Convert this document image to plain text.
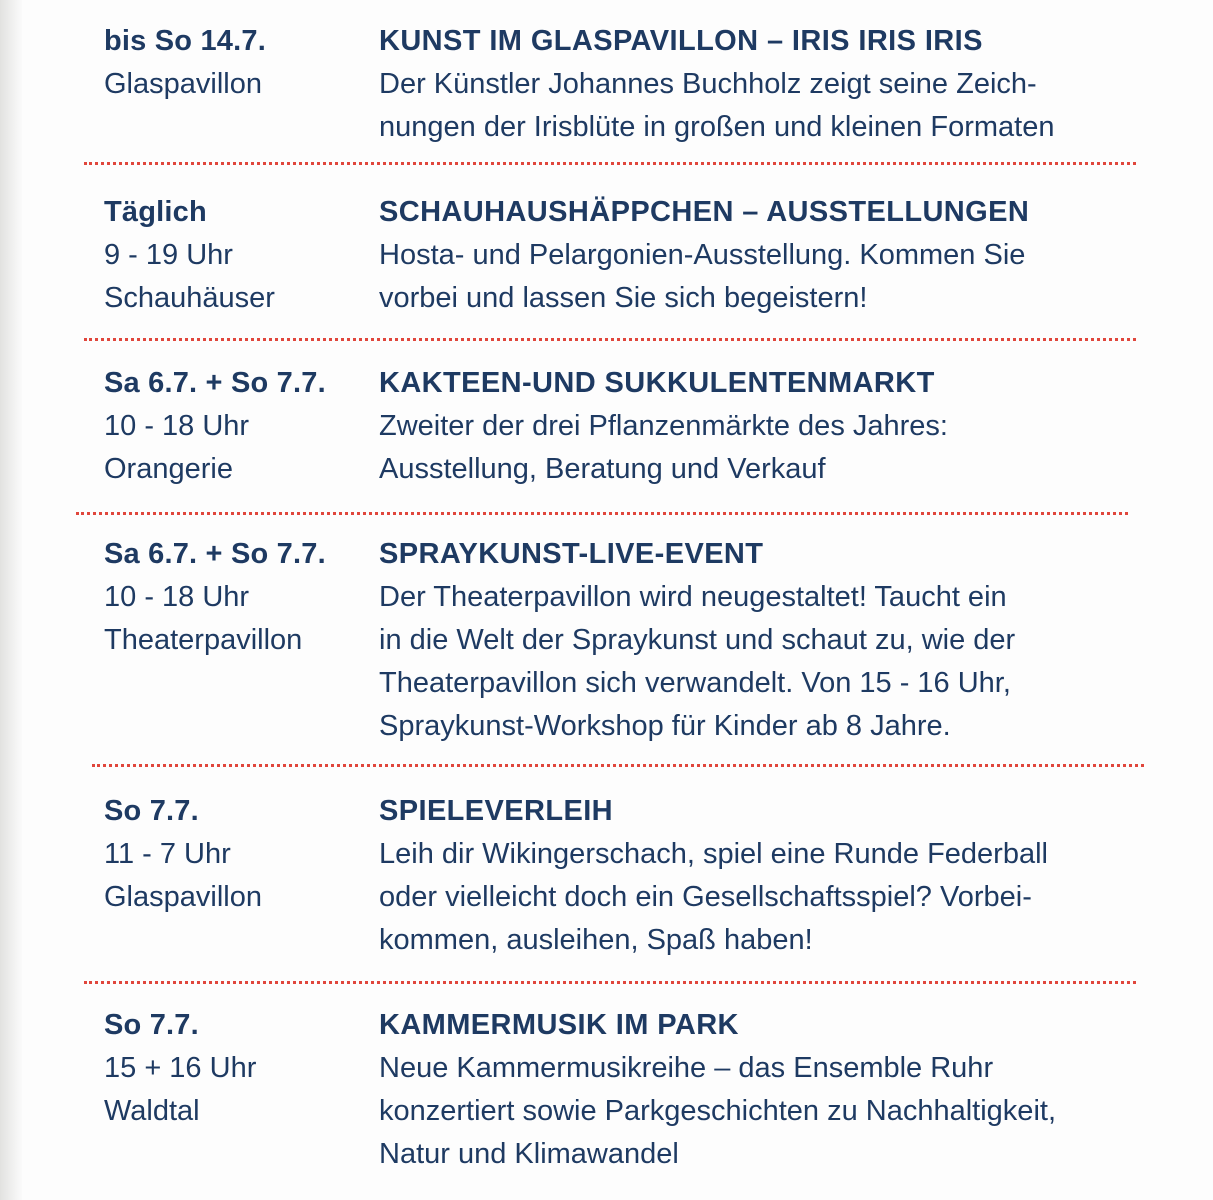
bis So 14.7.
Glaspavillon
KUNST IM GLASPAVILLON – IRIS IRIS IRIS
Der Künstler Johannes Buchholz zeigt seine Zeich-
nungen der Irisblüte in großen und kleinen Formaten
Täglich
9 - 19 Uhr
Schauhäuser
SCHAUHAUSHÄPPCHEN – AUSSTELLUNGEN
Hosta- und Pelargonien-Ausstellung. Kommen Sie
vorbei und lassen Sie sich begeistern!
Sa 6.7. + So 7.7.
10 - 18 Uhr
Orangerie
KAKTEEN-UND SUKKULENTENMARKT
Zweiter der drei Pflanzenmärkte des Jahres:
Ausstellung, Beratung und Verkauf
Sa 6.7. + So 7.7.
10 - 18 Uhr
Theaterpavillon
SPRAYKUNST-LIVE-EVENT
Der Theaterpavillon wird neugestaltet! Taucht ein
in die Welt der Spraykunst und schaut zu, wie der
Theaterpavillon sich verwandelt. Von 15 - 16 Uhr,
Spraykunst-Workshop für Kinder ab 8 Jahre.
So 7.7.
11 - 7 Uhr
Glaspavillon
SPIELEVERLEIH
Leih dir Wikingerschach, spiel eine Runde Federball
oder vielleicht doch ein Gesellschaftsspiel? Vorbei-
kommen, ausleihen, Spaß haben!
So 7.7.
15 + 16 Uhr
Waldtal
KAMMERMUSIK IM PARK
Neue Kammermusikreihe – das Ensemble Ruhr
konzertiert sowie Parkgeschichten zu Nachhaltigkeit,
Natur und Klimawandel
